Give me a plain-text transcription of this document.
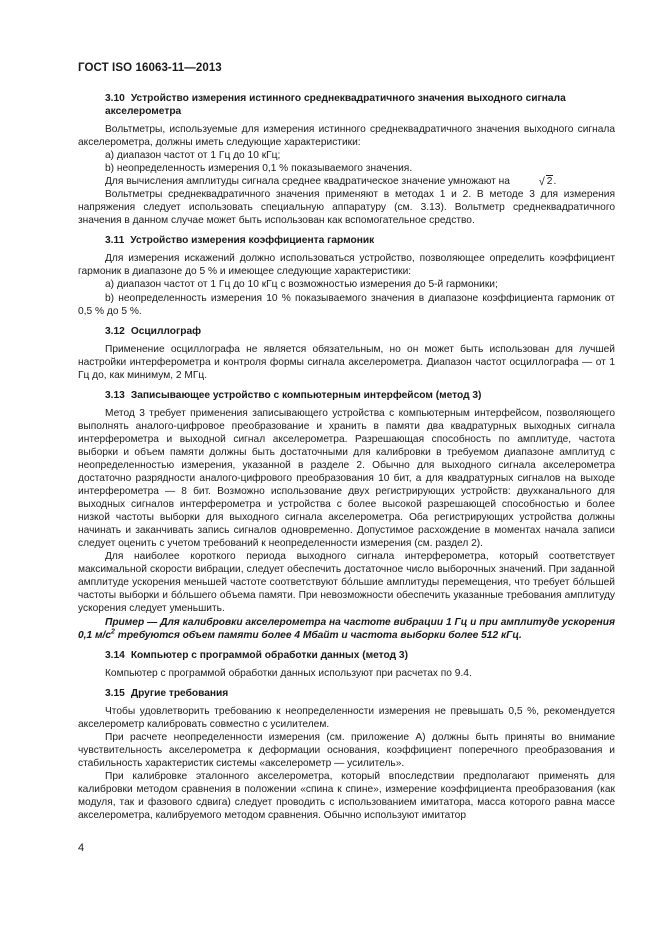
ГОСТ ISO 16063-11—2013
3.10 Устройство измерения истинного среднеквадратичного значения выходного сигнала акселерометра

Вольтметры, используемые для измерения истинного среднеквадратичного значения выходного сигнала акселерометра, должны иметь следующие характеристики:

a) диапазон частот от 1 Гц до 10 кГц;

b) неопределенность измерения 0,1 % показываемого значения.

Для вычисления амплитуды сигнала среднее квадратическое значение умножают на	√ 2.

Вольтметры среднеквадратичного значения применяют в методах 1 и 2. В методе 3 для измерения напряжения следует использовать специальную аппаратуру (см. 3.13). Вольтметр среднеквадратичного значения в данном случае может быть использован как вспомогательное средство.

3.11 Устройство измерения коэффициента гармоник

Для измерения искажений должно использоваться устройство, позволяющее определить коэффициент гармоник в диапазоне до 5 % и имеющее следующие характеристики:

a) диапазон частот от 1 Гц до 10 кГц с возможностью измерения до 5-й гармоники;

b) неопределенность измерения 10 % показываемого значения в диапазоне коэффициента гармоник от 0,5 % до 5 %.

3.12 Осциллограф

Применение осциллографа не является обязательным, но он может быть использован для лучшей настройки интерферометра и контроля формы сигнала акселерометра. Диапазон частот осциллографа — от 1 Гц до, как минимум, 2 МГц.

3.13 Записывающее устройство с компьютерным интерфейсом (метод 3)

Метод 3 требует применения записывающего устройства с компьютерным интерфейсом, позволяющего выполнять аналого-цифровое преобразование и хранить в памяти два квадратурных выходных сигнала интерферометра и выходной сигнал акселерометра. Разрешающая способность по амплитуде, частота выборки и объем памяти должны быть достаточными для калибровки в требуемом диапазоне амплитуд с неопределенностью измерения, указанной в разделе 2. Обычно для выходного сигнала акселерометра достаточно разрядности аналого-цифрового преобразования 10 бит, а для квадратурных сигналов на выходе интерферометра — 8 бит. Возможно использование двух регистрирующих устройств: двухканального для выходных сигналов интерферометра и устройства с более высокой разрешающей способностью и более низкой частоты выборки для выходного сигнала акселерометра. Оба регистрирующих устройства должны начинать и заканчивать запись сигналов одновременно. Допустимое расхождение в моментах начала записи следует оценить с учетом требований к неопределенности измерения (см. раздел 2).

Для наиболее короткого периода выходного сигнала интерферометра, который соответствует максимальной скорости вибрации, следует обеспечить достаточное число выборочных значений. При заданной амплитуде ускорения меньшей частоте соответствуют бо́льшие амплитуды перемещения, что требует бо́льшей частоты выборки и бо́льшего объема памяти. При невозможности обеспечить указанные требования амплитуду ускорения следует уменьшить.

Пример — Для калибровки акселерометра на частоте вибрации 1 Гц и при амплитуде ускорения 0,1 $м/с^2$ требуются объем памяти более 4 Мбайт и частота выборки более 512 кГц.

3.14 Компьютер с программой обработки данных (метод 3)

Компьютер с программой обработки данных используют при расчетах по 9.4.

3.15 Другие требования

Чтобы удовлетворить требованию к неопределенности измерения не превышать 0,5 %, рекомендуется акселерометр калибровать совместно с усилителем.

При расчете неопределенности измерения (см. приложение А) должны быть приняты во внимание чувствительность акселерометра к деформации основания, коэффициент поперечного преобразования и стабильность характеристик системы «акселерометр — усилитель».

При калибровке эталонного акселерометра, который впоследствии предполагают применять для калибровки методом сравнения в положении «спина к спине», измерение коэффициента преобразования (как модуля, так и фазового сдвига) следует проводить с использованием имитатора, масса которого равна массе акселерометра, калибруемого методом сравнения. Обычно используют имитатор

4
